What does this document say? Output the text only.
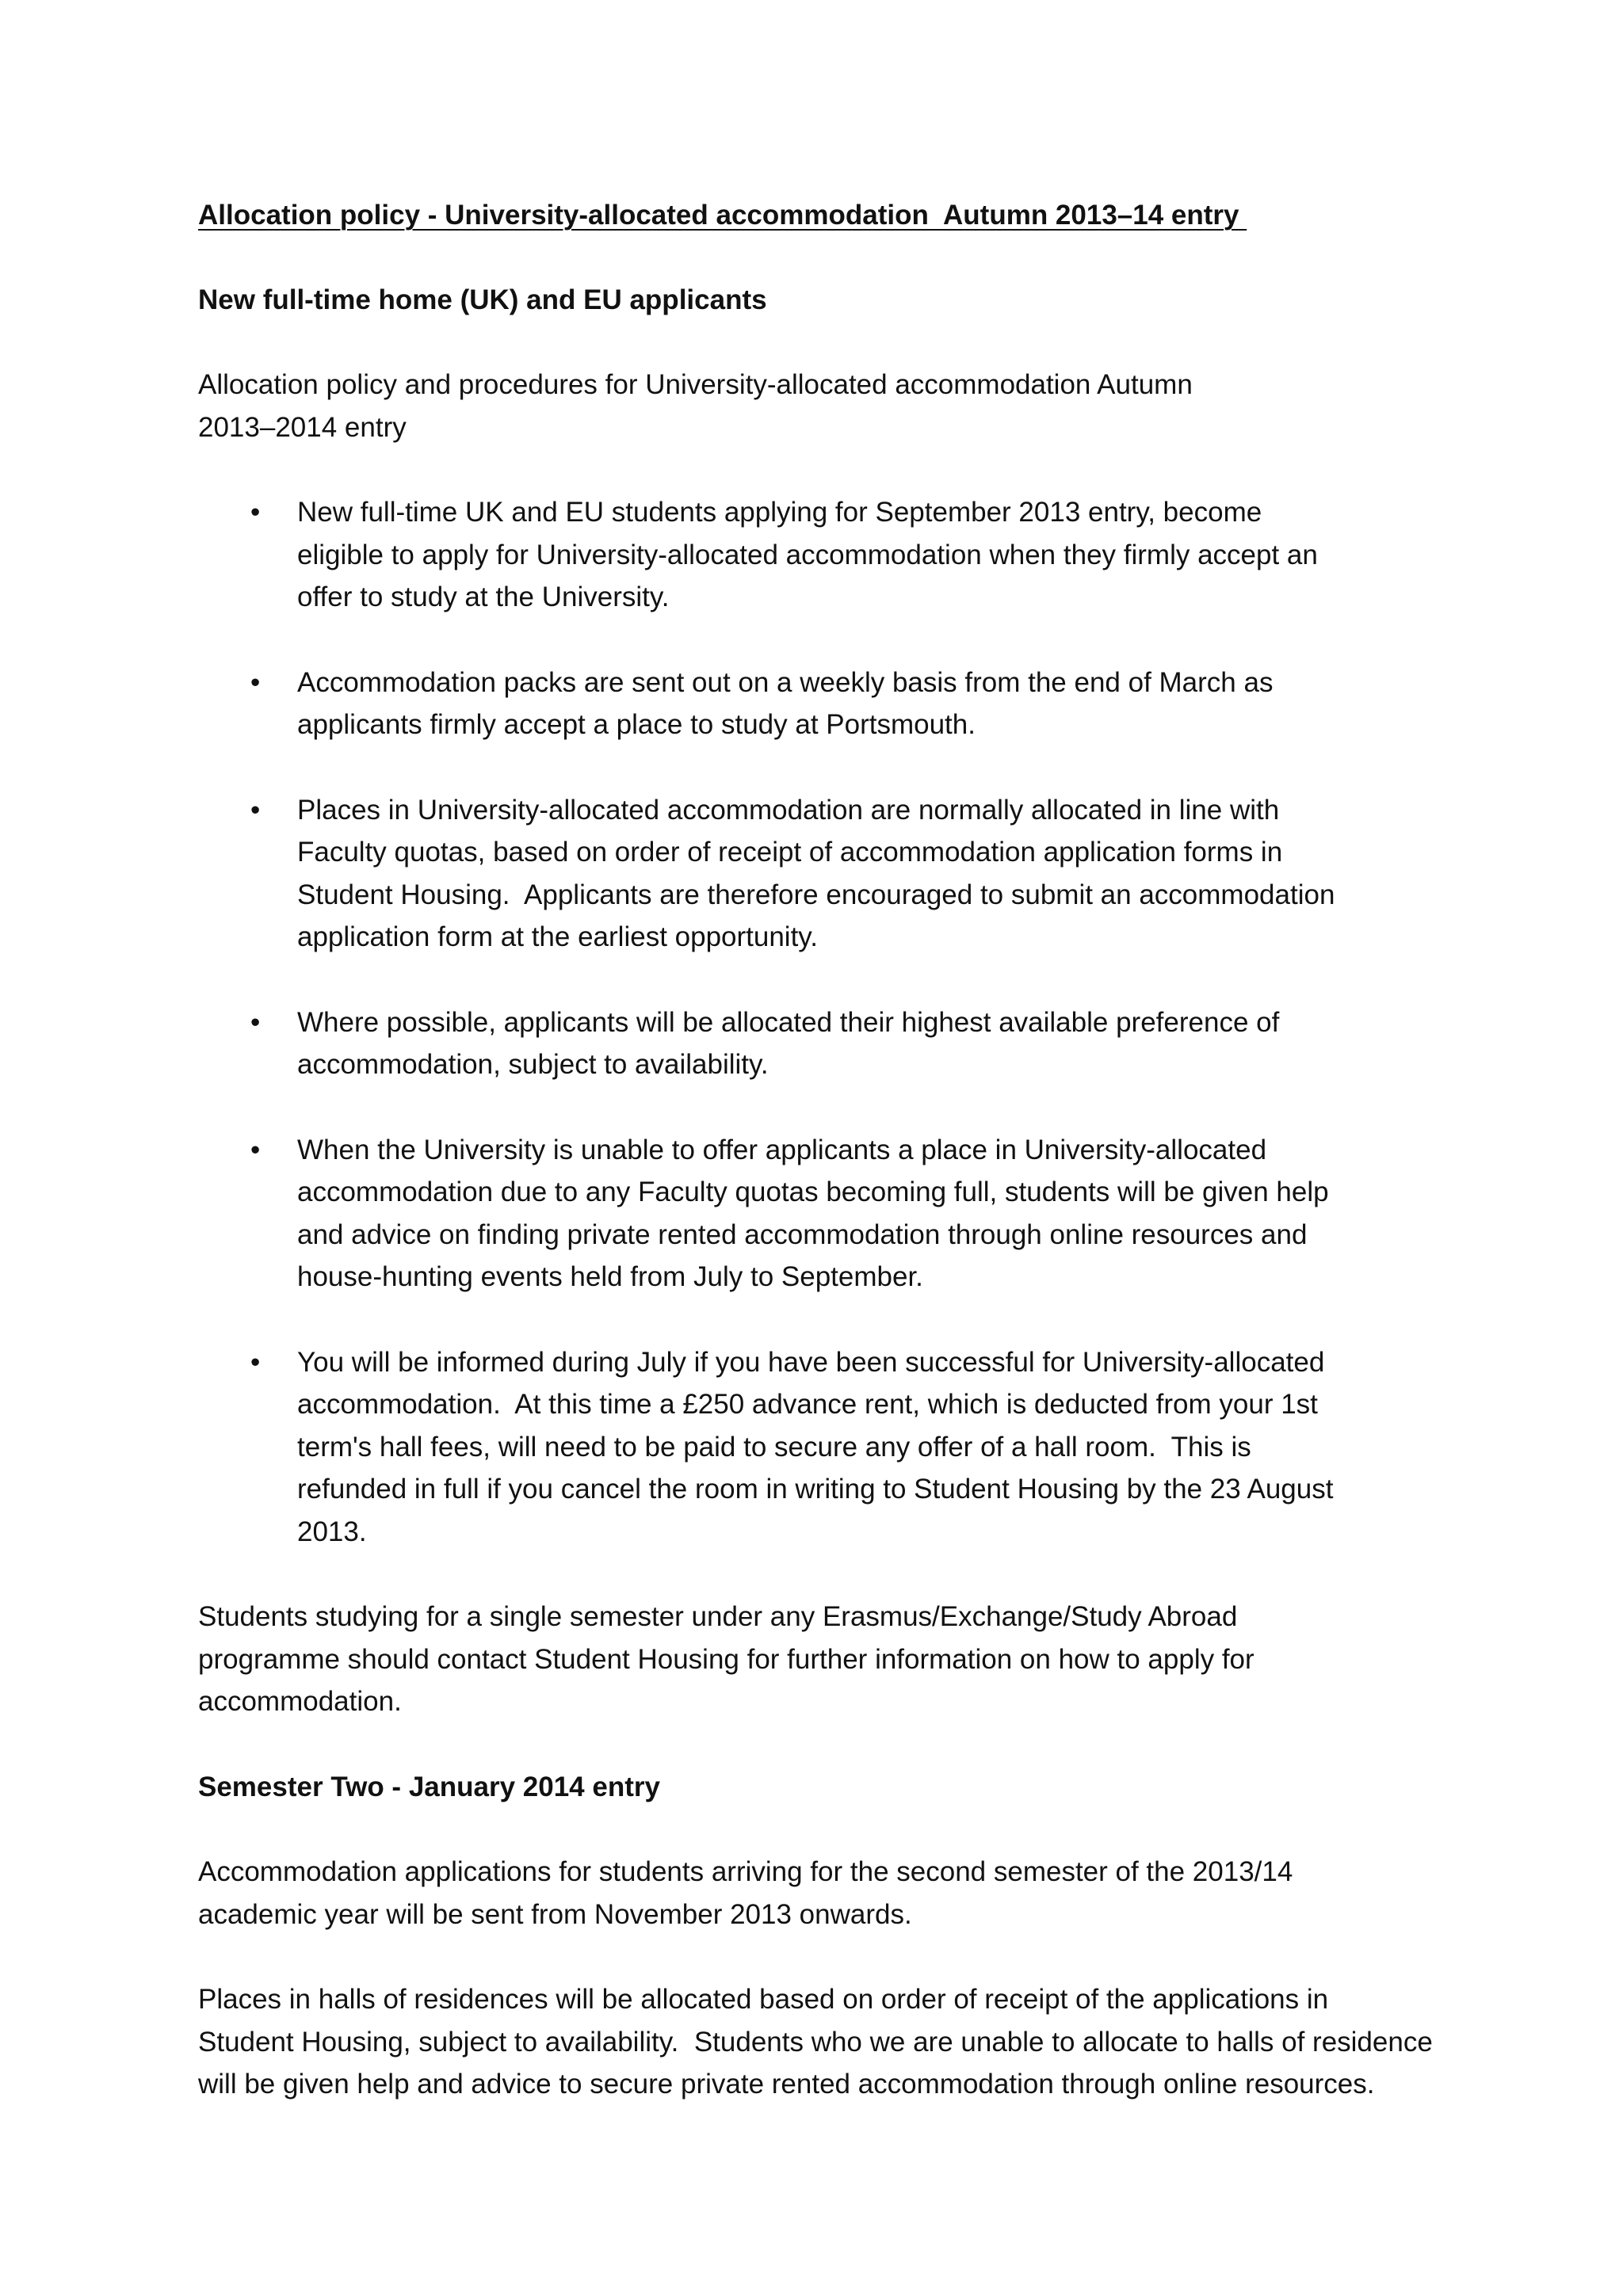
Allocation policy - University-allocated accommodation  Autumn 2013–14 entry
New full-time home (UK) and EU applicants
Allocation policy and procedures for University-allocated accommodation Autumn
2013–2014 entry
• New full-time UK and EU students applying for September 2013 entry, become
eligible to apply for University-allocated accommodation when they firmly accept an
offer to study at the University.
• Accommodation packs are sent out on a weekly basis from the end of March as
applicants firmly accept a place to study at Portsmouth.
• Places in University-allocated accommodation are normally allocated in line with
Faculty quotas, based on order of receipt of accommodation application forms in
Student Housing.  Applicants are therefore encouraged to submit an accommodation
application form at the earliest opportunity.
• Where possible, applicants will be allocated their highest available preference of
accommodation, subject to availability.
• When the University is unable to offer applicants a place in University-allocated
accommodation due to any Faculty quotas becoming full, students will be given help
and advice on finding private rented accommodation through online resources and
house-hunting events held from July to September.
• You will be informed during July if you have been successful for University-allocated
accommodation.  At this time a £250 advance rent, which is deducted from your 1st
term's hall fees, will need to be paid to secure any offer of a hall room.  This is
refunded in full if you cancel the room in writing to Student Housing by the 23 August
2013.
Students studying for a single semester under any Erasmus/Exchange/Study Abroad
programme should contact Student Housing for further information on how to apply for
accommodation.
Semester Two - January 2014 entry
Accommodation applications for students arriving for the second semester of the 2013/14
academic year will be sent from November 2013 onwards.
Places in halls of residences will be allocated based on order of receipt of the applications in
Student Housing, subject to availability.  Students who we are unable to allocate to halls of residence
will be given help and advice to secure private rented accommodation through online resources.
